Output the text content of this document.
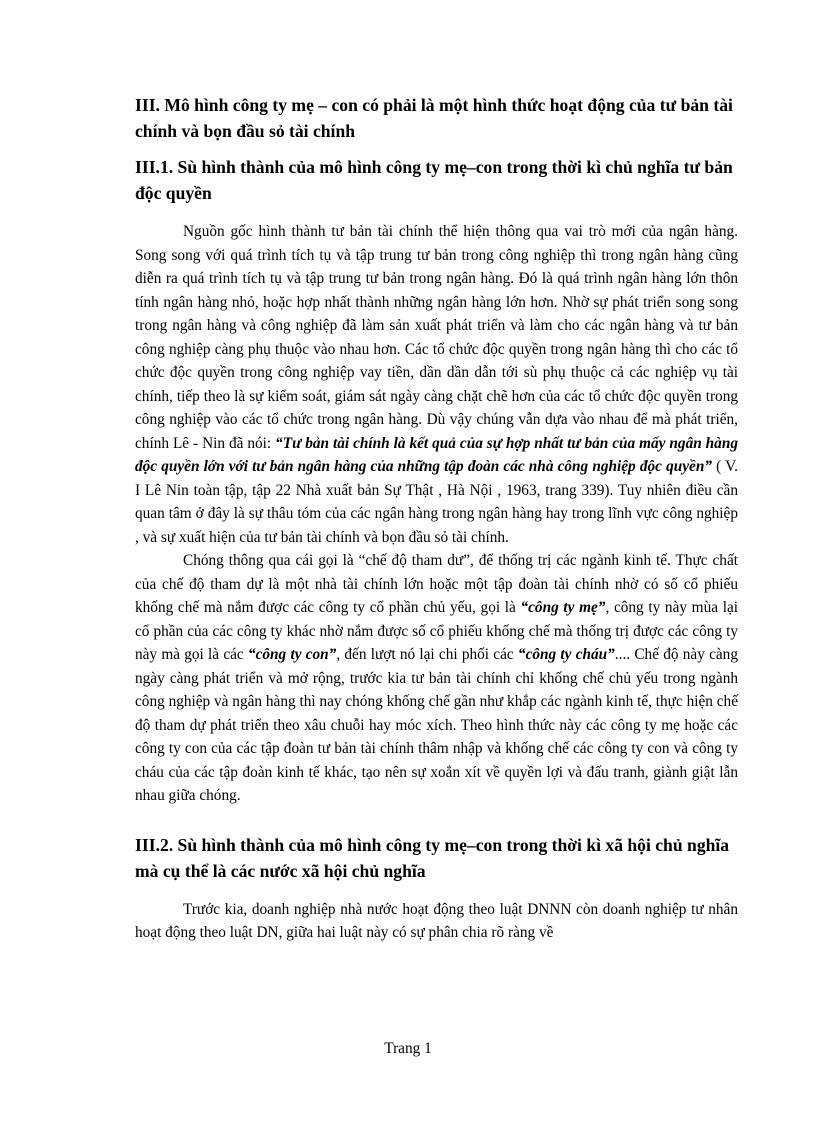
III. Mô hình công ty mẹ – con có phải là một hình thức hoạt động của tư bản tài chính và bọn đầu sỏ tài chính
III.1. Sù hình thành của mô hình công ty mẹ–con trong thời kì chủ nghĩa tư bản độc quyền

Nguồn gốc hình thành tư bản tài chính thể hiện thông qua vai trò mới của ngân hàng. Song song với quá trình tích tụ và tập trung tư bản trong công nghiệp thì trong ngân hàng cũng diễn ra quá trình tích tụ và tập trung tư bản trong ngân hàng. Đó là quá trình ngân hàng lớn thôn tính ngân hàng nhỏ, hoặc hợp nhất thành những ngân hàng lớn hơn. Nhờ sự phát triển song song trong ngân hàng và công nghiệp đã làm sản xuất phát triển và làm cho các ngân hàng và tư bản công nghiệp càng phụ thuộc vào nhau hơn. Các tổ chức độc quyền trong ngân hàng thì cho các tổ chức độc quyền trong công nghiệp vay tiền, dần dần dẫn tới sù phụ thuộc cả các nghiệp vụ tài chính, tiếp theo là sự kiểm soát, giám sát ngày càng chặt chẽ hơn của các tổ chức độc quyền trong công nghiệp vào các tổ chức trong ngân hàng. Dù vậy chúng vẫn dựa vào nhau để mà phát triển, chính Lê - Nin đã nói: “Tư bản tài chính là kết quả của sự hợp nhất tư bản của mấy ngân hàng độc quyền lớn với tư bản ngân hàng của những tập đoàn các nhà công nghiệp độc quyền” ( V. I Lê Nin toàn tập, tập 22 Nhà xuất bản Sự Thật , Hà Nội , 1963, trang 339). Tuy nhiên điều cần quan tâm ở đây là sự thâu tóm của các ngân hàng trong ngân hàng hay trong lĩnh vực công nghiệp , và sự xuất hiện của tư bản tài chính và bọn đầu sỏ tài chính.

Chóng thông qua cái gọi là “chế độ tham dư”, để thống trị các ngành kinh tế. Thực chất của chế độ tham dự là một nhà tài chính lớn hoặc một tập đoàn tài chính nhờ có số cổ phiếu khống chế mà nắm được các công ty cổ phần chủ yếu, gọi là “công ty mẹ”, công ty này mùa lại cổ phần của các công ty khác nhờ nắm được số cổ phiếu khống chế mà thống trị được các công ty này mà gọi là các “công ty con”, đến lượt nó lại chi phối các “công ty cháu”.... Chế độ này càng ngày càng phát triển và mở rộng, trước kia tư bản tài chính chỉ khống chế chủ yếu trong ngành công nghiệp và ngân hàng thì nay chóng khống chế gần như khắp các ngành kinh tế, thực hiện chế độ tham dự phát triển theo xâu chuỗi hay móc xích. Theo hình thức này các công ty mẹ hoặc các công ty con của các tập đoàn tư bản tài chính thâm nhập và khống chế các công ty con và công ty cháu của các tập đoàn kinh tế khác, tạo nên sự xoắn xít về quyền lợi và đấu tranh, giành giật lẫn nhau giữa chóng.

III.2. Sù hình thành của mô hình công ty mẹ–con trong thời kì xã hội chủ nghĩa mà cụ thể là các nước xã hội chủ nghĩa

Trước kia, doanh nghiệp nhà nước hoạt động theo luật DNNN còn doanh nghiệp tư nhân hoạt động theo luật DN, giữa hai luật này có sự phân chia rõ ràng về

Trang 1
